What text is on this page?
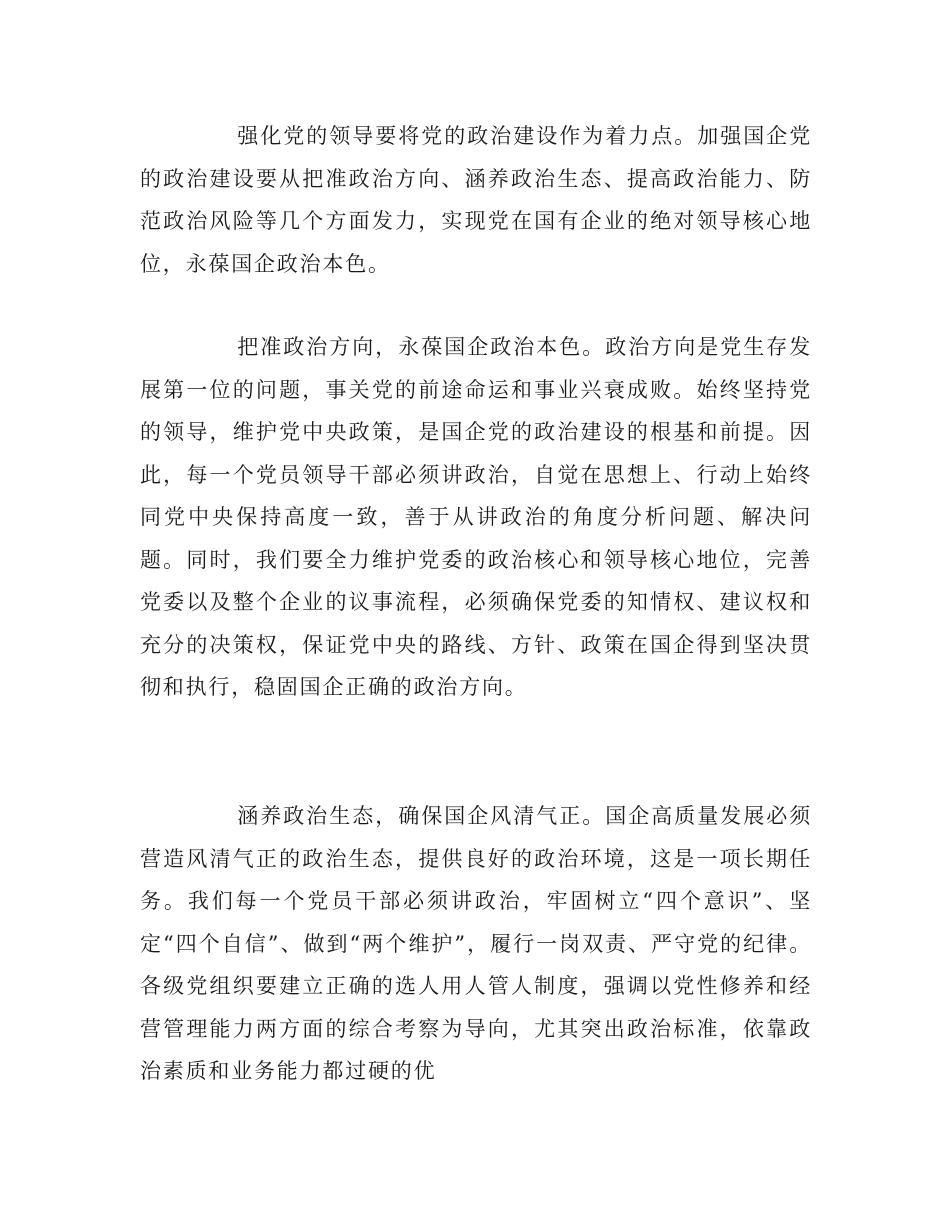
强化党的领导要将党的政治建设作为着力点。加强国企党的政治建设要从把准政治方向、涵养政治生态、提高政治能力、防范政治风险等几个方面发力，实现党在国有企业的绝对领导核心地位，永葆国企政治本色。

把准政治方向，永葆国企政治本色。政治方向是党生存发展第一位的问题，事关党的前途命运和事业兴衰成败。始终坚持党的领导，维护党中央政策，是国企党的政治建设的根基和前提。因此，每一个党员领导干部必须讲政治，自觉在思想上、行动上始终同党中央保持高度一致，善于从讲政治的角度分析问题、解决问题。同时，我们要全力维护党委的政治核心和领导核心地位，完善党委以及整个企业的议事流程，必须确保党委的知情权、建议权和充分的决策权，保证党中央的路线、方针、政策在国企得到坚决贯彻和执行，稳固国企正确的政治方向。

涵养政治生态，确保国企风清气正。国企高质量发展必须营造风清气正的政治生态，提供良好的政治环境，这是一项长期任务。我们每一个党员干部必须讲政治，牢固树立“四个意识”、坚定“四个自信”、做到“两个维护”，履行一岗双责、严守党的纪律。各级党组织要建立正确的选人用人管人制度，强调以党性修养和经营管理能力两方面的综合考察为导向，尤其突出政治标准，依靠政治素质和业务能力都过硬的优
